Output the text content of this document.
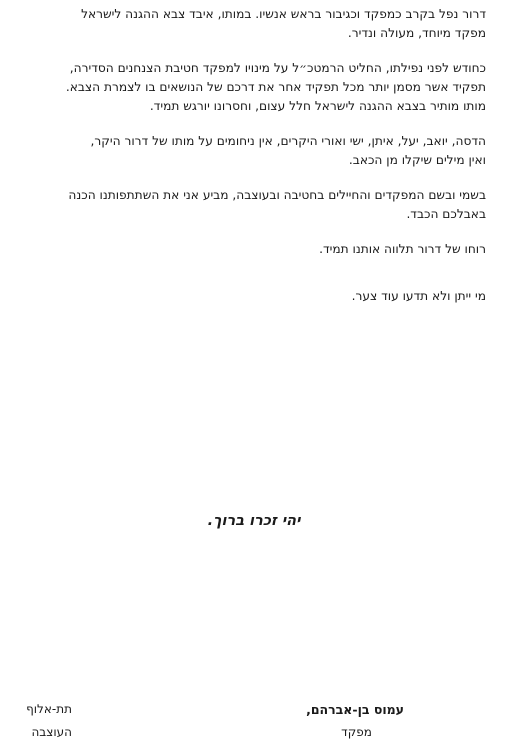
דרור נפל בקרב כמפקד וכגיבור בראש אנשיו. במותו, איבד צבא ההגנה לישראל
מפקד מיוחד, מעולה ונדיר.

כחודש לפני נפילתו, החליט הרמטכ״ל על מינויו למפקד חטיבת הצנחנים הסדירה,
תפקיד אשר מסמן יותר מכל תפקיד אחר את דרכם של הנושאים בו לצמרת הצבא.
מותו מותיר בצבא ההגנה לישראל חלל עצום, וחסרונו יורגש תמיד.

הדסה, יואב, יעל, איתן, ישי ואורי היקרים, אין ניחומים על מותו של דרור היקר,
ואין מילים שיקלו מן הכאב.

בשמי ובשם המפקדים והחיילים בחטיבה ובעוצבה, מביע אני את השתתפותנו הכנה
באבלכם הכבד.

רוחו של דרור תלווה אותנו תמיד.

מי ייתן ולא תדעו עוד צער.

יהי זכרו ברוך.
עמוס בן-אברהם,
מפקד
תת-אלוף
העוצבה
